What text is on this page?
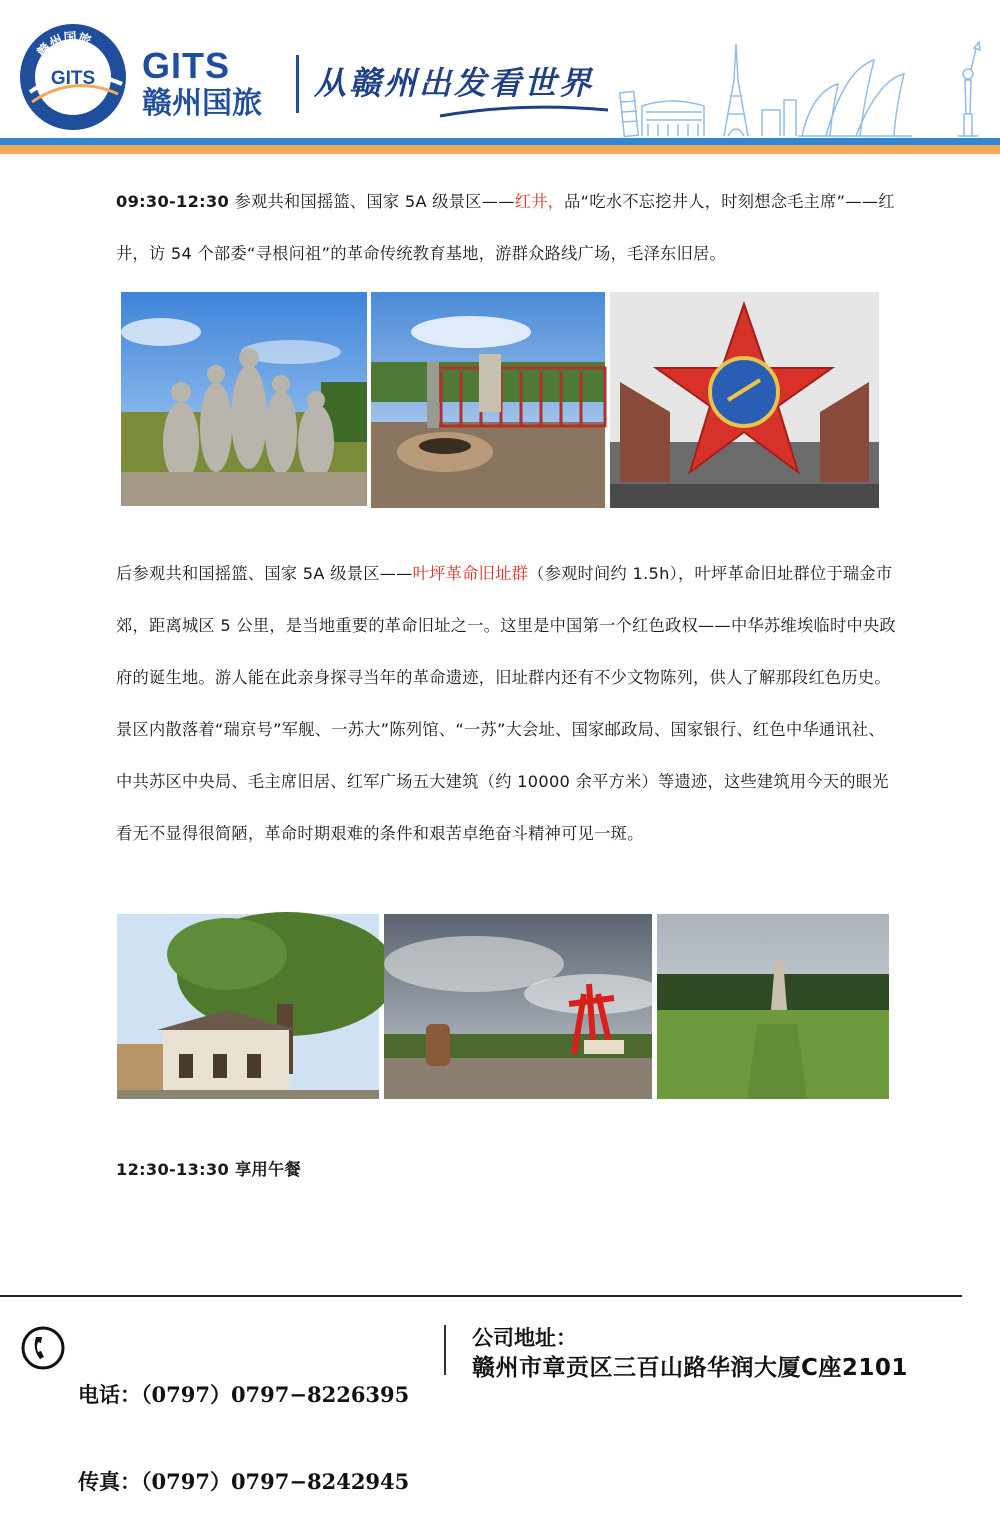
赣州国旅
GITS GITS
赣州国旅
从赣州出发看世界
09:30-12:30 参观共和国摇篮、国家 5A 级景区——红井，品“吃水不忘挖井人，时刻想念毛主席”——红井，访 54 个部委“寻根问祖”的革命传统教育基地，游群众路线广场，毛泽东旧居。
后参观共和国摇篮、国家 5A 级景区——叶坪革命旧址群（参观时间约 1.5h），叶坪革命旧址群位于瑞金市郊，距离城区 5 公里，是当地重要的革命旧址之一。这里是中国第一个红色政权——中华苏维埃临时中央政府的诞生地。游人能在此亲身探寻当年的革命遗迹，旧址群内还有不少文物陈列，供人了解那段红色历史。景区内散落着“瑞京号”军舰、一苏大”陈列馆、“一苏”大会址、国家邮政局、国家银行、红色中华通讯社、中共苏区中央局、毛主席旧居、红军广场五大建筑（约 10000 余平方米）等遗迹，这些建筑用今天的眼光看无不显得很简陋，革命时期艰难的条件和艰苦卓绝奋斗精神可见一斑。
12:30-13:30 享用午餐

电话：（0797）0797−8226395

传真：（0797）0797−8242945

公司地址：
赣州市章贡区三百山路华润大厦C座2101
